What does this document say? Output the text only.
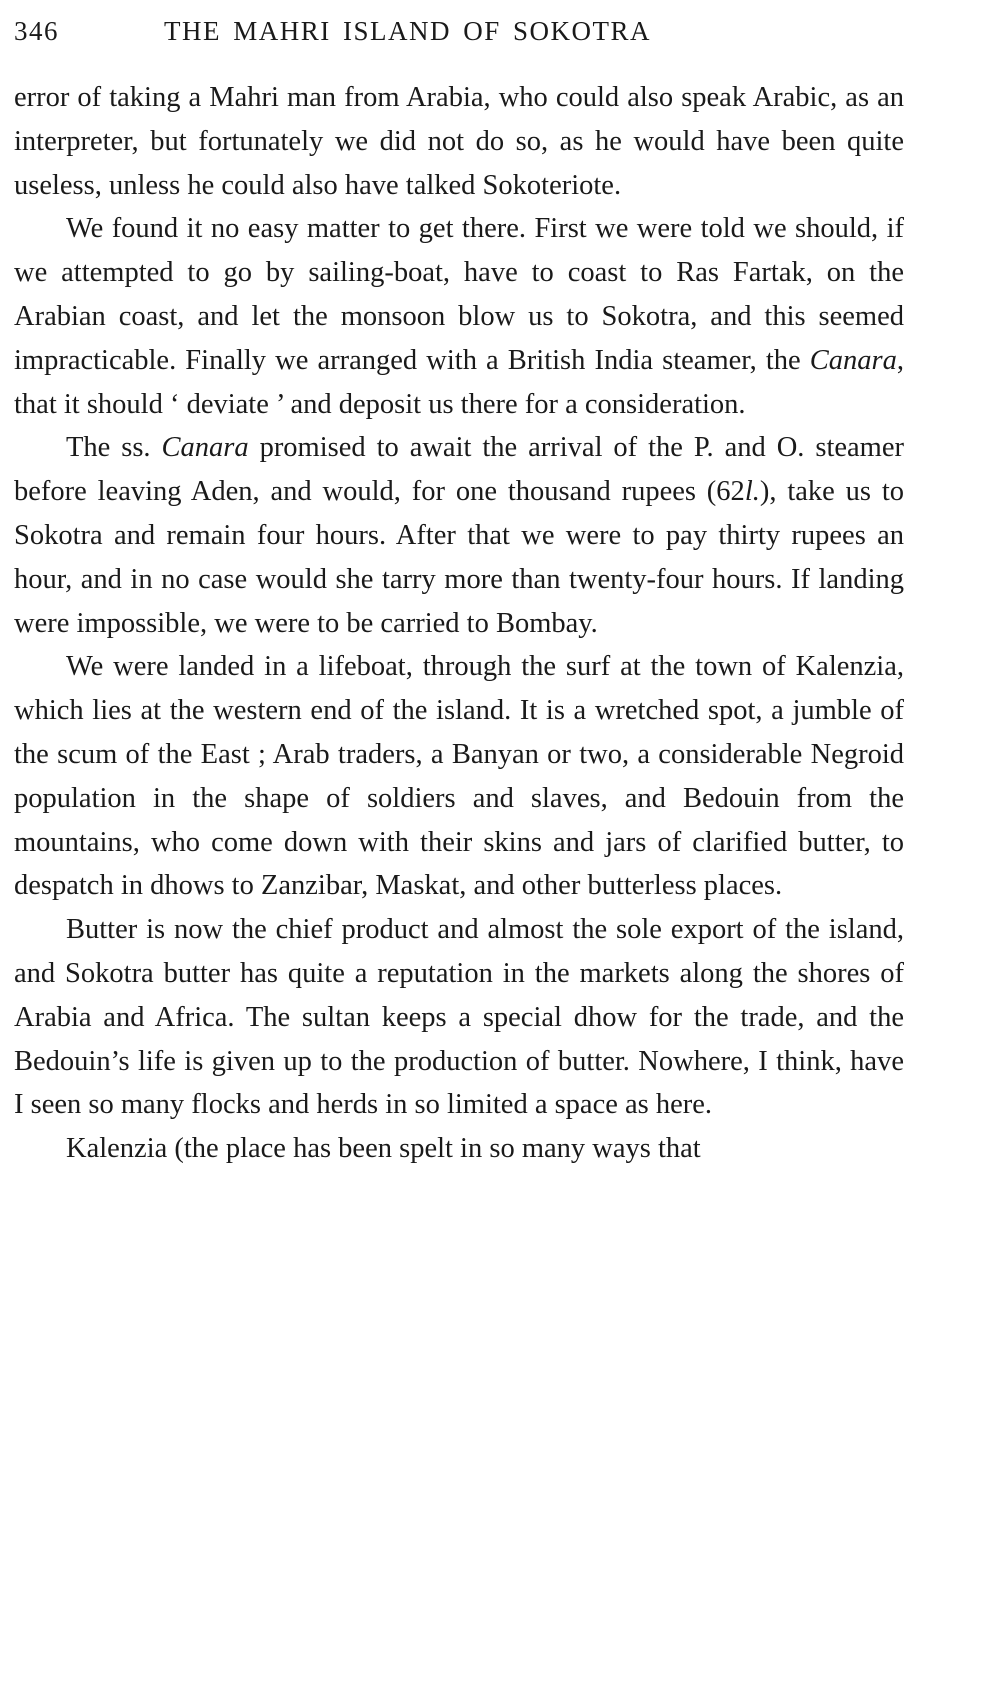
346	THE MAHRI ISLAND OF SOKOTRA

error of taking a Mahri man from Arabia, who could also speak Arabic, as an interpreter, but fortunately we did not do so, as he would have been quite useless, unless he could also have talked Sokoteriote.

We found it no easy matter to get there. First we were told we should, if we attempted to go by sailing-boat, have to coast to Ras Fartak, on the Arabian coast, and let the monsoon blow us to Sokotra, and this seemed impracticable. Finally we arranged with a British India steamer, the Canara, that it should ‘ deviate ’ and deposit us there for a consideration.

The ss. Canara promised to await the arrival of the P. and O. steamer before leaving Aden, and would, for one thousand rupees (62l.), take us to Sokotra and remain four hours. After that we were to pay thirty rupees an hour, and in no case would she tarry more than twenty-four hours. If landing were impossible, we were to be carried to Bombay.

We were landed in a lifeboat, through the surf at the town of Kalenzia, which lies at the western end of the island. It is a wretched spot, a jumble of the scum of the East ; Arab traders, a Banyan or two, a considerable Negroid population in the shape of soldiers and slaves, and Bedouin from the mountains, who come down with their skins and jars of clarified butter, to despatch in dhows to Zanzibar, Maskat, and other butterless places.

Butter is now the chief product and almost the sole export of the island, and Sokotra butter has quite a reputation in the markets along the shores of Arabia and Africa. The sultan keeps a special dhow for the trade, and the Bedouin’s life is given up to the production of butter. Nowhere, I think, have I seen so many flocks and herds in so limited a space as here.

Kalenzia (the place has been spelt in so many ways that
